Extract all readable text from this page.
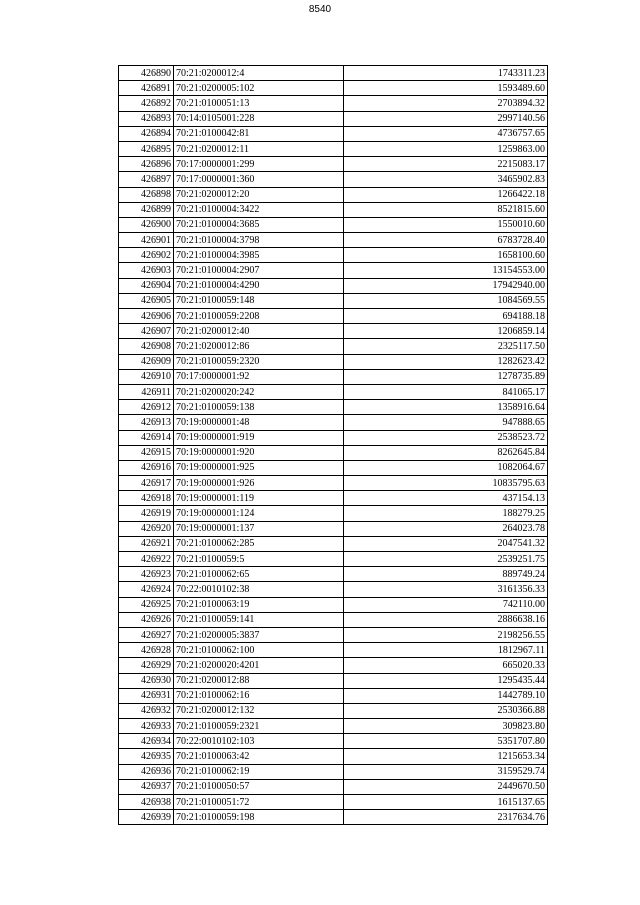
8540
426890	70:21:0200012:4	1743311.23
426891	70:21:0200005:102	1593489.60
426892	70:21:0100051:13	2703894.32
426893	70:14:0105001:228	2997140.56
426894	70:21:0100042:81	4736757.65
426895	70:21:0200012:11	1259863.00
426896	70:17:0000001:299	2215083.17
426897	70:17:0000001:360	3465902.83
426898	70:21:0200012:20	1266422.18
426899	70:21:0100004:3422	8521815.60
426900	70:21:0100004:3685	1550010.60
426901	70:21:0100004:3798	6783728.40
426902	70:21:0100004:3985	1658100.60
426903	70:21:0100004:2907	13154553.00
426904	70:21:0100004:4290	17942940.00
426905	70:21:0100059:148	1084569.55
426906	70:21:0100059:2208	694188.18
426907	70:21:0200012:40	1206859.14
426908	70:21:0200012:86	2325117.50
426909	70:21:0100059:2320	1282623.42
426910	70:17:0000001:92	1278735.89
426911	70:21:0200020:242	841065.17
426912	70:21:0100059:138	1358916.64
426913	70:19:0000001:48	947888.65
426914	70:19:0000001:919	2538523.72
426915	70:19:0000001:920	8262645.84
426916	70:19:0000001:925	1082064.67
426917	70:19:0000001:926	10835795.63
426918	70:19:0000001:119	437154.13
426919	70:19:0000001:124	188279.25
426920	70:19:0000001:137	264023.78
426921	70:21:0100062:285	2047541.32
426922	70:21:0100059:5	2539251.75
426923	70:21:0100062:65	889749.24
426924	70:22:0010102:38	3161356.33
426925	70:21:0100063:19	742110.00
426926	70:21:0100059:141	2886638.16
426927	70:21:0200005:3837	2198256.55
426928	70:21:0100062:100	1812967.11
426929	70:21:0200020:4201	665020.33
426930	70:21:0200012:88	1295435.44
426931	70:21:0100062:16	1442789.10
426932	70:21:0200012:132	2530366.88
426933	70:21:0100059:2321	309823.80
426934	70:22:0010102:103	5351707.80
426935	70:21:0100063:42	1215653.34
426936	70:21:0100062:19	3159529.74
426937	70:21:0100050:57	2449670.50
426938	70:21:0100051:72	1615137.65
426939	70:21:0100059:198	2317634.76
